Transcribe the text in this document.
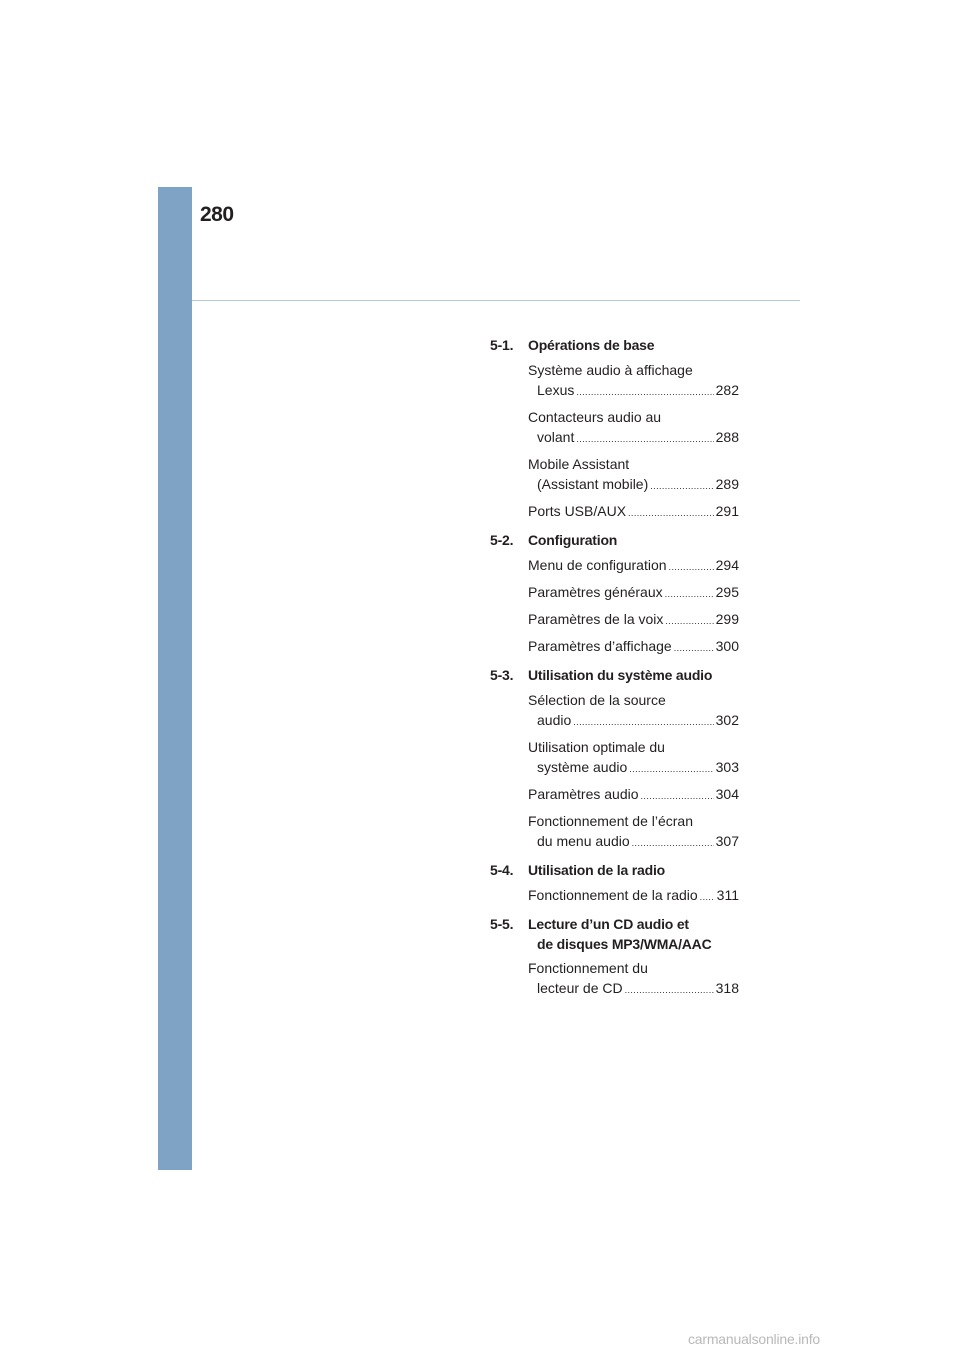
280
5-1.	Opérations de base
Système audio à affichage
Lexus .....	282
Contacteurs audio au
volant .....	288
Mobile Assistant
(Assistant mobile) .....	289
Ports USB/AUX .....	291
5-2.	Configuration
Menu de configuration .....	294
Paramètres généraux .....	295
Paramètres de la voix .....	299
Paramètres d’affichage .....	300
5-3.	Utilisation du système audio
Sélection de la source
audio .....	302
Utilisation optimale du
système audio .....	303
Paramètres audio .....	304
Fonctionnement de l’écran
du menu audio .....	307
5-4.	Utilisation de la radio
Fonctionnement de la radio ..... 311
5-5.	Lecture d’un CD audio et
de disques MP3/WMA/AAC
Fonctionnement du
lecteur de CD .....	318
carmanualsonline.info
